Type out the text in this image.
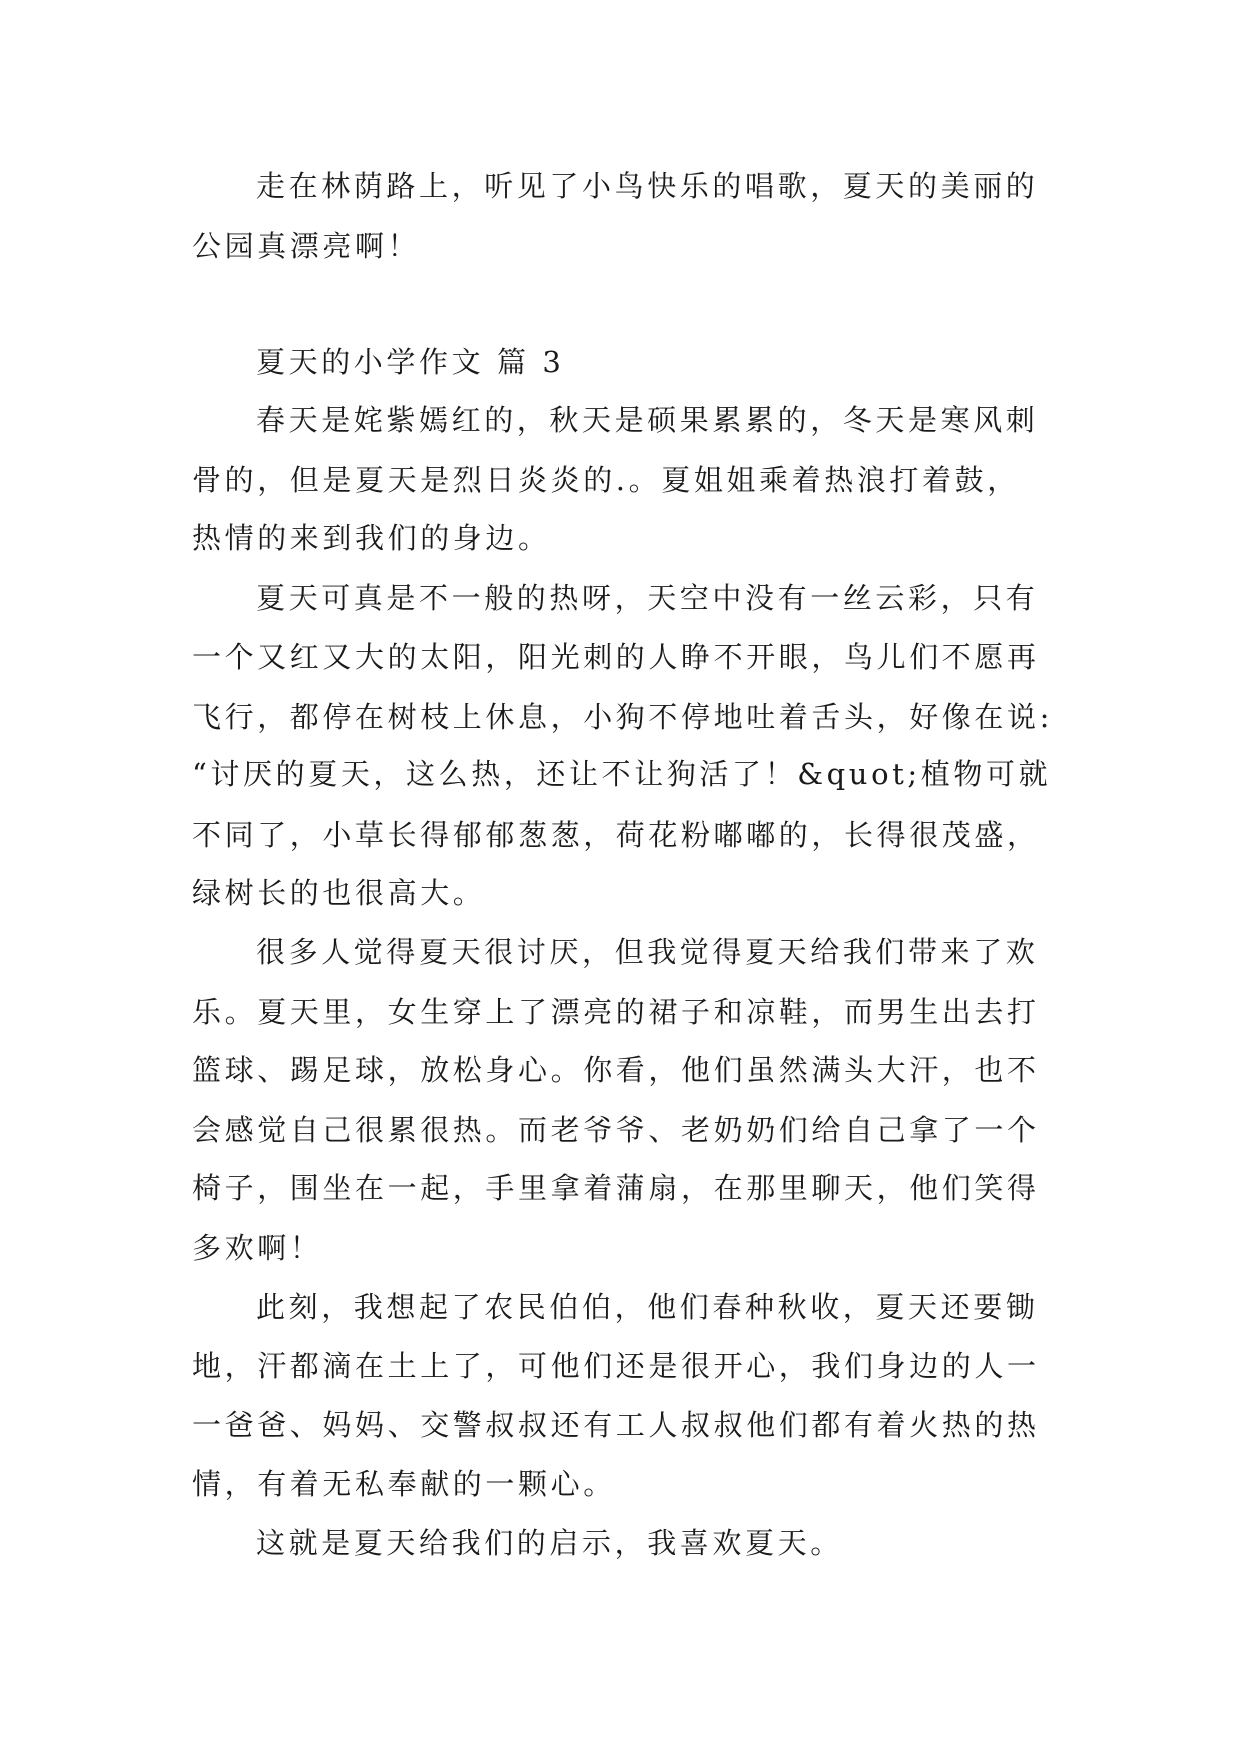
走在林荫路上，听见了小鸟快乐的唱歌，夏天的美丽的

公园真漂亮啊！

夏天的小学作文 篇 3

春天是姹紫嫣红的，秋天是硕果累累的，冬天是寒风刺

骨的，但是夏天是烈日炎炎的.。夏姐姐乘着热浪打着鼓，

热情的来到我们的身边。

夏天可真是不一般的热呀，天空中没有一丝云彩，只有

一个又红又大的太阳，阳光刺的人睁不开眼，鸟儿们不愿再

飞行，都停在树枝上休息，小狗不停地吐着舌头，好像在说:

“讨厌的夏天，这么热，还让不让狗活了！&quot;植物可就

不同了，小草长得郁郁葱葱，荷花粉嘟嘟的，长得很茂盛，

绿树长的也很高大。

很多人觉得夏天很讨厌，但我觉得夏天给我们带来了欢

乐。夏天里，女生穿上了漂亮的裙子和凉鞋，而男生出去打

篮球、踢足球，放松身心。你看，他们虽然满头大汗，也不

会感觉自己很累很热。而老爷爷、老奶奶们给自己拿了一个

椅子，围坐在一起，手里拿着蒲扇，在那里聊天，他们笑得

多欢啊！

此刻，我想起了农民伯伯，他们春种秋收，夏天还要锄

地，汗都滴在土上了，可他们还是很开心，我们身边的人一

一爸爸、妈妈、交警叔叔还有工人叔叔他们都有着火热的热

情，有着无私奉献的一颗心。

这就是夏天给我们的启示，我喜欢夏天。
